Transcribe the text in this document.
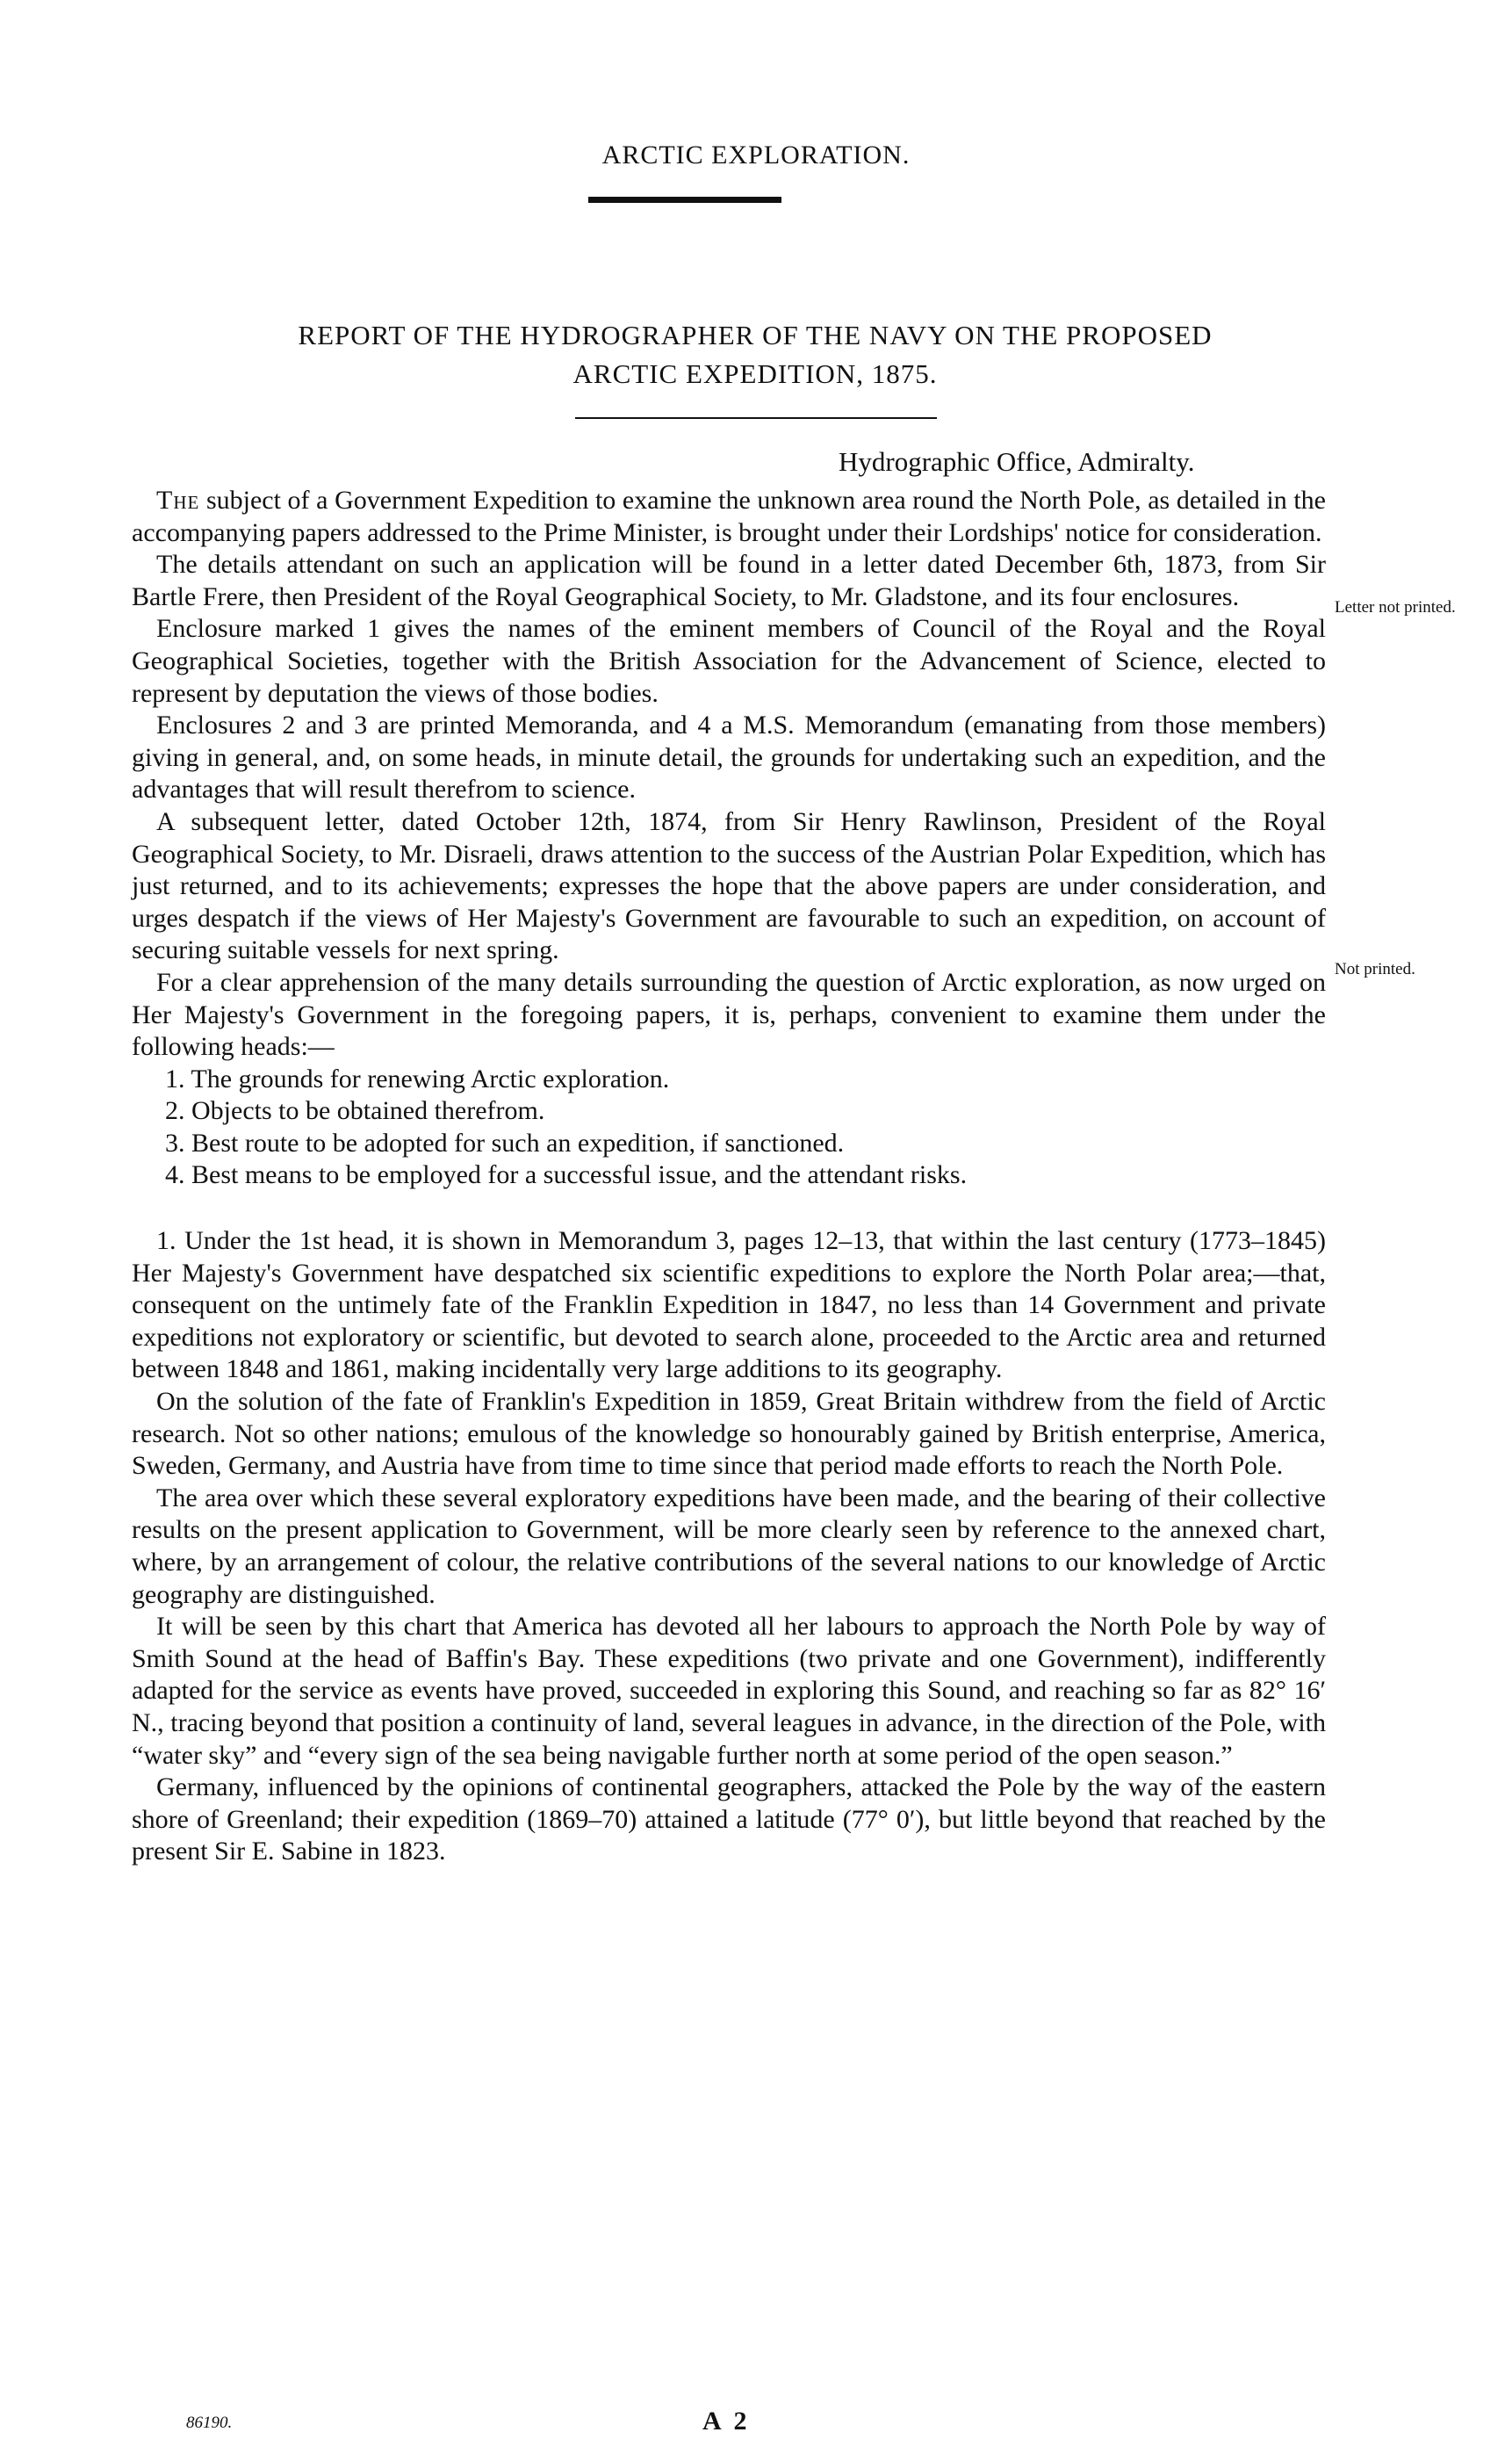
ARCTIC EXPLORATION.
REPORT OF THE HYDROGRAPHER OF THE NAVY ON THE PROPOSED
ARCTIC EXPEDITION, 1875.
Hydrographic Office, Admiralty.

The subject of a Government Expedition to examine the unknown area round the North Pole, as detailed in the accompanying papers addressed to the Prime Minister, is brought under their Lordships' notice for consideration.

The details attendant on such an application will be found in a letter dated December 6th, 1873, from Sir Bartle Frere, then President of the Royal Geographical Society, to Mr. Gladstone, and its four enclosures.

Enclosure marked 1 gives the names of the eminent members of Council of the Royal and the Royal Geographical Societies, together with the British Association for the Advancement of Science, elected to represent by deputation the views of those bodies.

Enclosures 2 and 3 are printed Memoranda, and 4 a M.S. Memorandum (emanating from those members) giving in general, and, on some heads, in minute detail, the grounds for undertaking such an expedition, and the advantages that will result therefrom to science.

A subsequent letter, dated October 12th, 1874, from Sir Henry Rawlinson, President of the Royal Geographical Society, to Mr. Disraeli, draws attention to the success of the Austrian Polar Expedition, which has just returned, and to its achievements; expresses the hope that the above papers are under consideration, and urges despatch if the views of Her Majesty's Government are favourable to such an expedition, on account of securing suitable vessels for next spring.

For a clear apprehension of the many details surrounding the question of Arctic exploration, as now urged on Her Majesty's Government in the foregoing papers, it is, perhaps, convenient to examine them under the following heads:—

1. The grounds for renewing Arctic exploration.
2. Objects to be obtained therefrom.
3. Best route to be adopted for such an expedition, if sanctioned.
4. Best means to be employed for a successful issue, and the attendant risks.

1. Under the 1st head, it is shown in Memorandum 3, pages 12–13, that within the last century (1773–1845) Her Majesty's Government have despatched six scientific expeditions to explore the North Polar area;—that, consequent on the untimely fate of the Franklin Expedition in 1847, no less than 14 Government and private expeditions not exploratory or scientific, but devoted to search alone, proceeded to the Arctic area and returned between 1848 and 1861, making incidentally very large additions to its geography.

On the solution of the fate of Franklin's Expedition in 1859, Great Britain withdrew from the field of Arctic research. Not so other nations; emulous of the knowledge so honourably gained by British enterprise, America, Sweden, Germany, and Austria have from time to time since that period made efforts to reach the North Pole.

The area over which these several exploratory expeditions have been made, and the bearing of their collective results on the present application to Government, will be more clearly seen by reference to the annexed chart, where, by an arrangement of colour, the relative contributions of the several nations to our knowledge of Arctic geography are distinguished.

It will be seen by this chart that America has devoted all her labours to approach the North Pole by way of Smith Sound at the head of Baffin's Bay. These expeditions (two private and one Government), indifferently adapted for the service as events have proved, succeeded in exploring this Sound, and reaching so far as 82° 16′ N., tracing beyond that position a continuity of land, several leagues in advance, in the direction of the Pole, with “water sky” and “every sign of the sea being navigable further north at some period of the open season.”

Germany, influenced by the opinions of continental geographers, attacked the Pole by the way of the eastern shore of Greenland; their expedition (1869–70) attained a latitude (77° 0′), but little beyond that reached by the present Sir E. Sabine in 1823.

Letter not printed.
Not printed.
86190.	A 2
